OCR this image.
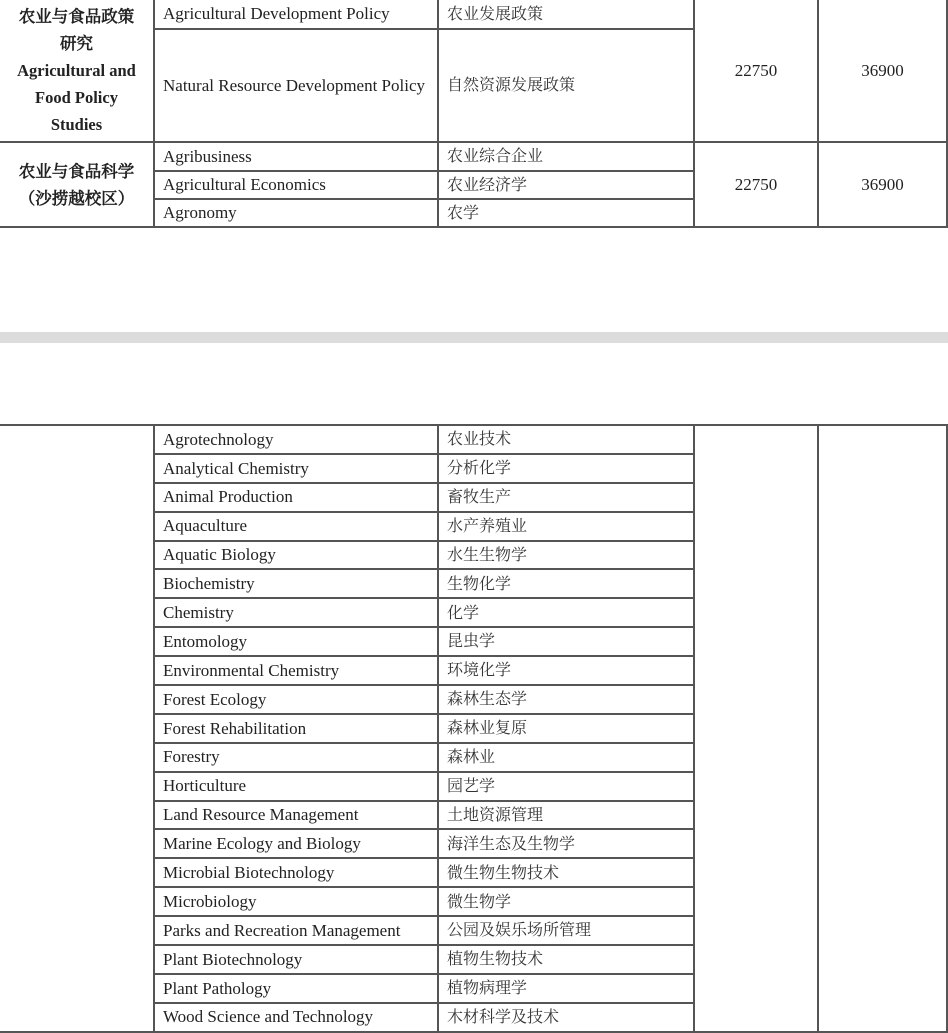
农业与食品政策
研究
Agricultural and
Food Policy
Studies	Agricultural Development Policy	农业发展政策	22750	36900
	Natural Resource Development Policy	自然资源发展政策		

农业与食品科学
（沙捞越校区）	Agribusiness	农业综合企业	22750	36900
	Agricultural Economics	农业经济学		
	Agronomy	农学		
	Agrotechnology	农业技术		
	Analytical Chemistry	分析化学		
	Animal Production	畜牧生产		
	Aquaculture	水产养殖业		
	Aquatic Biology	水生生物学		
	Biochemistry	生物化学		
	Chemistry	化学		
	Entomology	昆虫学		
	Environmental Chemistry	环境化学		
	Forest Ecology	森林生态学		
	Forest Rehabilitation	森林业复原		
	Forestry	森林业		
	Horticulture	园艺学		
	Land Resource Management	土地资源管理		
	Marine Ecology and Biology	海洋生态及生物学		
	Microbial Biotechnology	微生物生物技术		
	Microbiology	微生物学		
	Parks and Recreation Management	公园及娱乐场所管理		
	Plant Biotechnology	植物生物技术		
	Plant Pathology	植物病理学		
	Wood Science and Technology	木材科学及技术		
